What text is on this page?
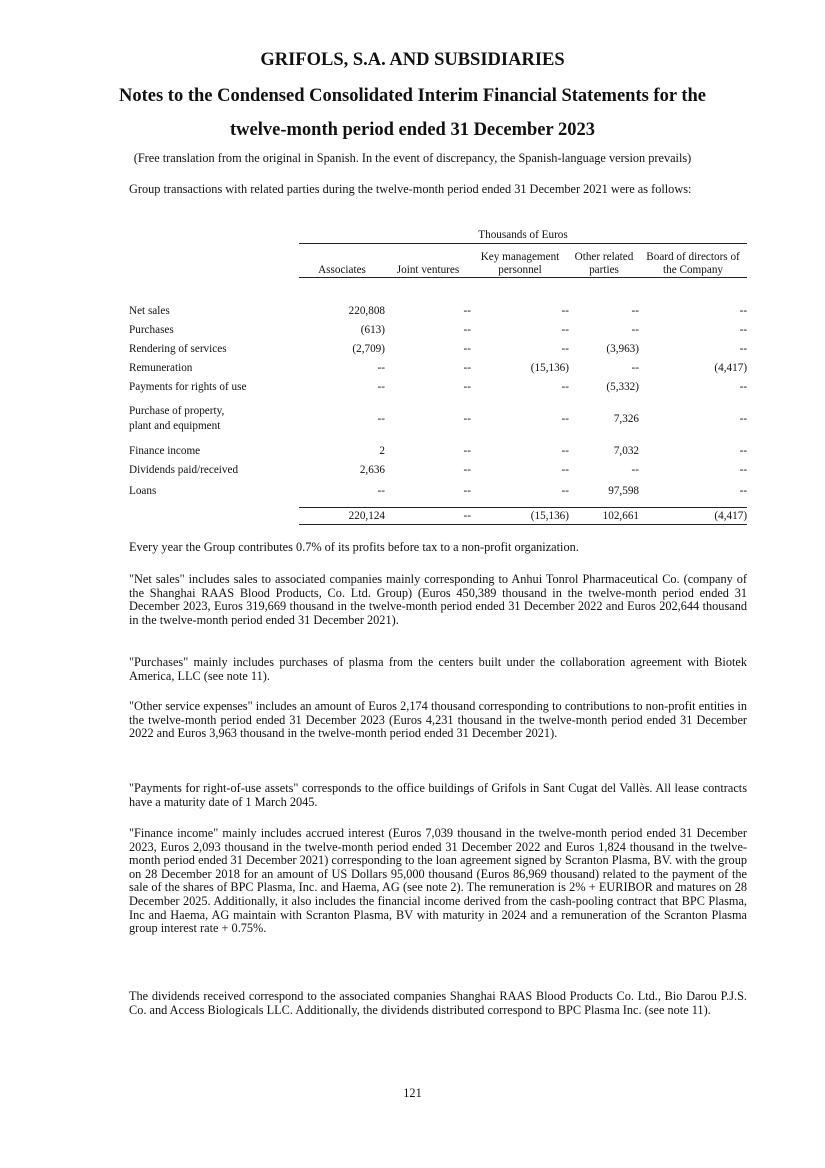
GRIFOLS, S.A. AND SUBSIDIARIES
Notes to the Condensed Consolidated Interim Financial Statements for the
twelve-month period ended 31 December 2023
(Free translation from the original in Spanish. In the event of discrepancy, the Spanish-language version prevails)

Group transactions with related parties during the twelve-month period ended 31 December 2021 were as follows:

	Thousands of Euros				
	Associates	Joint ventures	Key management personnel	Other related parties	Board of directors of the Company

Net sales	220,808	--	--	--	--
Purchases	(613)	--	--	--	--
Rendering of services	(2,709)	--	--	(3,963)	--
Remuneration	--	--	(15,136)	--	(4,417)
Payments for rights of use	--	--	--	(5,332)	--
Purchase of property, plant and equipment	--	--	--	7,326	--
Finance income	2	--	--	7,032	--
Dividends paid/received	2,636	--	--	--	--
Loans	--	--	--	97,598	--

	220,124	--	(15,136)	102,661	(4,417)

Every year the Group contributes 0.7% of its profits before tax to a non-profit organization.

"Net sales" includes sales to associated companies mainly corresponding to Anhui Tonrol Pharmaceutical Co. (company of the Shanghai RAAS Blood Products, Co. Ltd. Group) (Euros 450,389 thousand in the twelve-month period ended 31 December 2023, Euros 319,669 thousand in the twelve-month period ended 31 December 2022 and Euros 202,644 thousand in the twelve-month period ended 31 December 2021).

"Purchases" mainly includes purchases of plasma from the centers built under the collaboration agreement with Biotek America, LLC (see note 11).

"Other service expenses" includes an amount of Euros 2,174 thousand corresponding to contributions to non-profit entities in the twelve-month period ended 31 December 2023 (Euros 4,231 thousand in the twelve-month period ended 31 December 2022 and Euros 3,963 thousand in the twelve-month period ended 31 December 2021).

"Payments for right-of-use assets" corresponds to the office buildings of Grifols in Sant Cugat del Vallès. All lease contracts have a maturity date of 1 March 2045.

"Finance income" mainly includes accrued interest (Euros 7,039 thousand in the twelve-month period ended 31 December 2023, Euros 2,093 thousand in the twelve-month period ended 31 December 2022 and Euros 1,824 thousand in the twelve-month period ended 31 December 2021) corresponding to the loan agreement signed by Scranton Plasma, BV. with the group on 28 December 2018 for an amount of US Dollars 95,000 thousand (Euros 86,969 thousand) related to the payment of the sale of the shares of BPC Plasma, Inc. and Haema, AG (see note 2). The remuneration is 2% + EURIBOR and matures on 28 December 2025. Additionally, it also includes the financial income derived from the cash-pooling contract that BPC Plasma, Inc and Haema, AG maintain with Scranton Plasma, BV with maturity in 2024 and a remuneration of the Scranton Plasma group interest rate + 0.75%.

The dividends received correspond to the associated companies Shanghai RAAS Blood Products Co. Ltd., Bio Darou P.J.S. Co. and Access Biologicals LLC. Additionally, the dividends distributed correspond to BPC Plasma Inc. (see note 11).

121
